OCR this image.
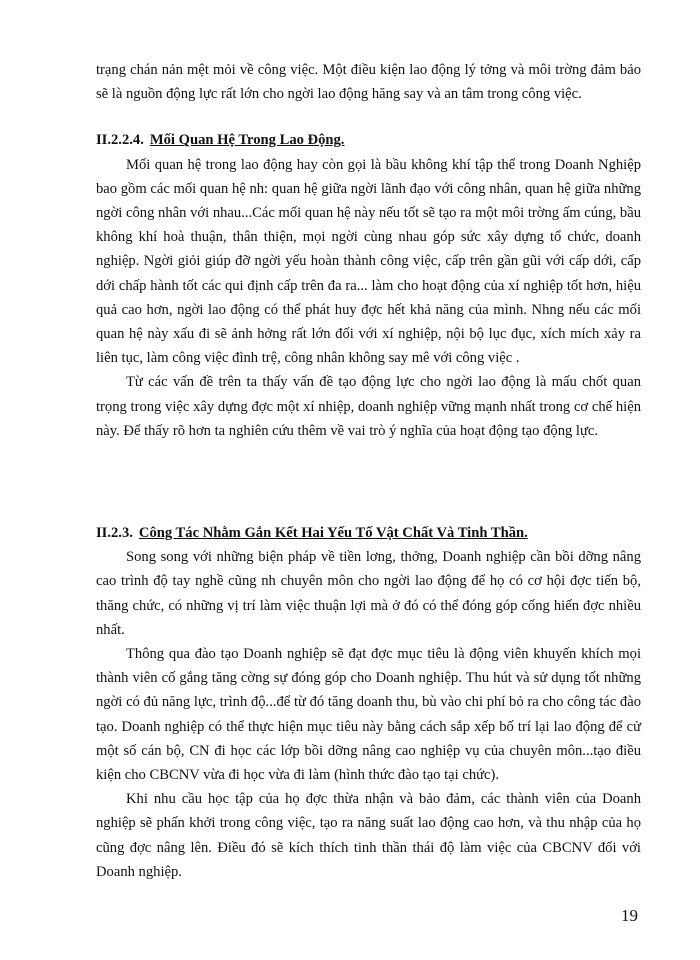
trạng chán nản mệt mỏi về công việc. Một điều kiện lao động lý tởng và môi trờng đảm bảo sẽ là nguồn động lực rất lớn cho ngời lao động hăng say và an tâm trong công việc.

II.2.2.4. Mối Quan Hệ Trong Lao Động.

Mối quan hệ trong lao động hay còn gọi là bầu không khí tập thể trong Doanh Nghiệp bao gồm các mối quan hệ nh: quan hệ giữa ngời lãnh đạo với công nhân, quan hệ giữa những ngời công nhân với nhau...Các mối quan hệ này nếu tốt sẽ tạo ra một môi trờng ấm cúng, bầu không khí hoà thuận, thân thiện, mọi ngời cùng nhau góp sức xây dựng tổ chức, doanh nghiệp. Ngời giỏi giúp đỡ ngời yếu hoàn thành công việc, cấp trên gần gũi với cấp dới, cấp dới chấp hành tốt các qui định cấp trên đa ra... làm cho hoạt động của xí nghiệp tốt hơn, hiệu quả cao hơn, ngời lao động có thể phát huy đợc hết khả năng của mình. Nhng nếu các mối quan hệ này xấu đi sẽ ảnh hởng rất lớn đối với xí nghiệp, nội bộ lục đục, xích mích xảy ra liên tục, làm công việc đình trệ, công nhân không say mê với công việc .

Từ các vấn đề trên ta thấy vấn đề tạo động lực cho ngời lao động là mấu chốt quan trọng trong việc xây dựng đợc một xí nhiệp, doanh nghiệp vững mạnh nhất trong cơ chế hiện này. Để thấy rõ hơn ta nghiên cứu thêm về vai trò ý nghĩa của hoạt động tạo động lực.

II.2.3. Công Tác Nhằm Gắn Kết Hai Yếu Tố Vật Chất Và Tinh Thần.

Song song với những biện pháp về tiền lơng, thởng, Doanh nghiệp cần bồi dỡng nâng cao trình độ tay nghề cũng nh chuyên môn cho ngời lao động để họ có cơ hội đợc tiến bộ, thăng chức, có những vị trí làm việc thuận lợi mà ở đó có thể đóng góp cống hiến đợc nhiều nhất.

Thông qua đào tạo Doanh nghiệp sẽ đạt đợc mục tiêu là động viên khuyến khích mọi thành viên cố gắng tăng cờng sự đóng góp cho Doanh nghiệp. Thu hút và sử dụng tốt những ngời có đủ năng lực, trình độ...để từ đó tăng doanh thu, bù vào chi phí bỏ ra cho công tác đào tạo. Doanh nghiệp có thể thực hiện mục tiêu này bằng cách sắp xếp bố trí lại lao động để cử một số cán bộ, CN đi học các lớp bồi dỡng nâng cao nghiệp vụ của chuyên môn...tạo điều kiện cho CBCNV vừa đi học vừa đi làm (hình thức đào tạo tại chức).

Khi nhu cầu học tập của họ đợc thừa nhận và bảo đảm, các thành viên của Doanh nghiệp sẽ phấn khởi trong công việc, tạo ra năng suất lao động cao hơn, và thu nhập của họ cũng đợc nâng lên. Điều đó sẽ kích thích tinh thần thái độ làm việc của CBCNV đối với Doanh nghiệp.

19
